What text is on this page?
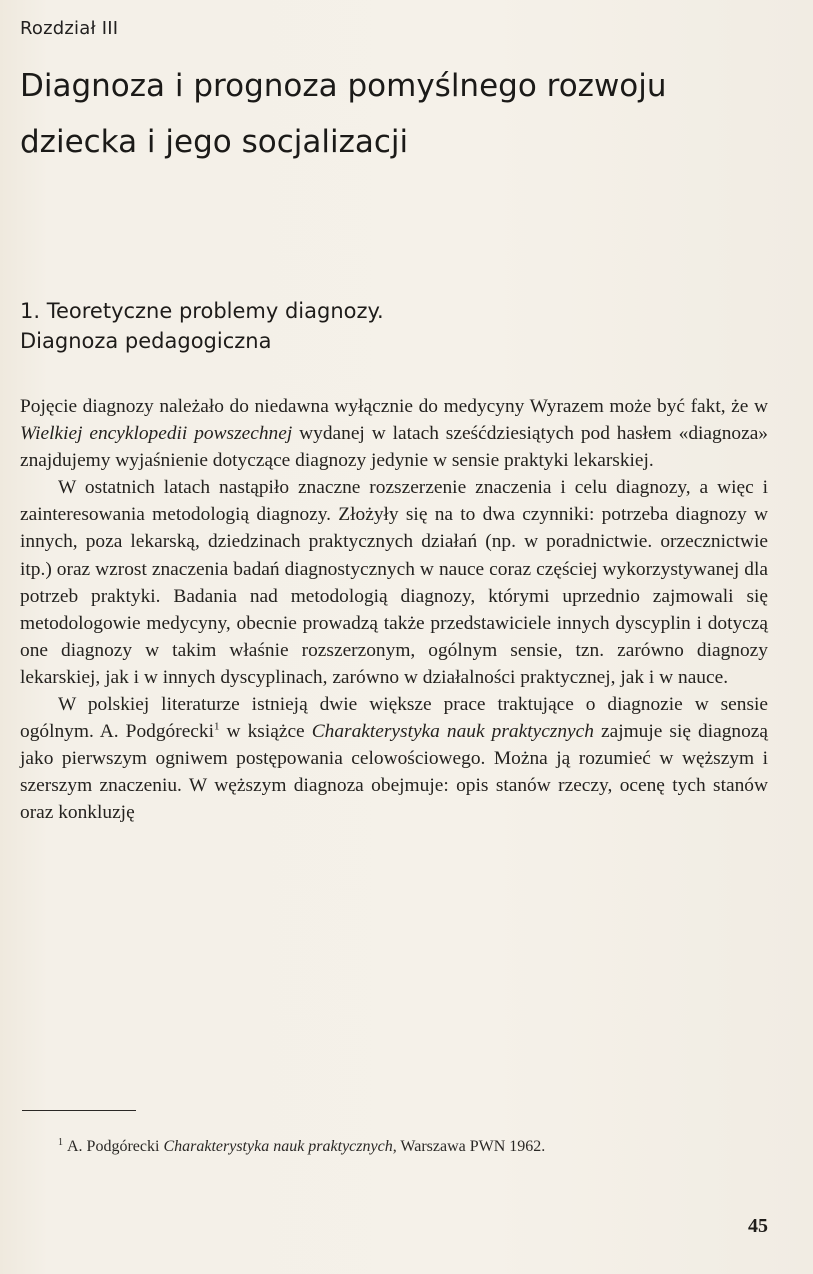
Rozdział III
Diagnoza i prognoza pomyślnego rozwoju
dziecka i jego socjalizacji
1. Teoretyczne problemy diagnozy.
Diagnoza pedagogiczna

Pojęcie diagnozy należało do niedawna wyłącznie do medycyny Wyrazem może być fakt, że w Wielkiej encyklopedii powszechnej wydanej w latach sześćdziesiątych pod hasłem «diagnoza» znajdujemy wyjaśnienie dotyczące diagnozy jedynie w sensie praktyki lekarskiej.

W ostatnich latach nastąpiło znaczne rozszerzenie znaczenia i celu diagnozy, a więc i zainteresowania metodologią diagnozy. Złożyły się na to dwa czynniki: potrzeba diagnozy w innych, poza lekarską, dziedzinach praktycznych działań (np. w poradnictwie. orzecznictwie itp.) oraz wzrost znaczenia badań diagnostycznych w nauce coraz częściej wykorzystywanej dla potrzeb praktyki. Badania nad metodologią diagnozy, którymi uprzednio zajmowali się metodologowie medycyny, obecnie prowadzą także przedstawiciele innych dyscyplin i dotyczą one diagnozy w takim właśnie rozszerzonym, ogólnym sensie, tzn. zarówno diagnozy lekarskiej, jak i w innych dyscyplinach, zarówno w działalności praktycznej, jak i w nauce.

W polskiej literaturze istnieją dwie większe prace traktujące o diagnozie w sensie ogólnym. A. Podgórecki$^1$ w książce Charakterystyka nauk praktycznych zajmuje się diagnozą jako pierwszym ogniwem postępowania celowościowego. Można ją rozumieć w węższym i szerszym znaczeniu. W węższym diagnoza obejmuje: opis stanów rzeczy, ocenę tych stanów oraz konkluzję

$^1$ A. Podgórecki Charakterystyka nauk praktycznych, Warszawa PWN 1962.
45
